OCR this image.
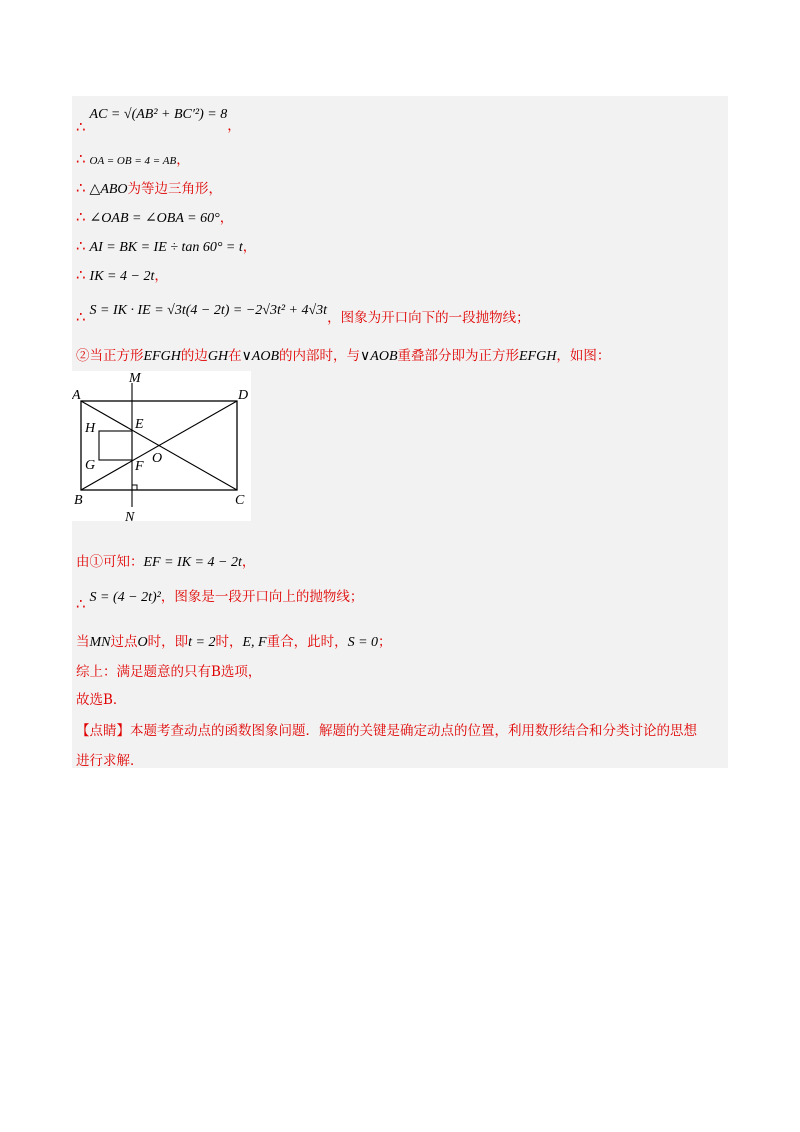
∴AC = √(AB² + BC′²) = 8，
∴ OA = OB = 4 = AB，
∴ △ABO为等边三角形，
∴ ∠OAB = ∠OBA = 60°，
∴ AI = BK = IE ÷ tan 60° = t，
∴ IK = 4 − 2t，
∴ S = IK · IE = √3t(4 − 2t) = −2√3t² + 4√3t，图象为开口向下的一段抛物线；
②当正方形EFGH的边GH在∨AOB的内部时，与∨AOB重叠部分即为正方形EFGH，如图：
A	D
M
H	E
G	F
O
B	C
N
由①可知：EF = IK = 4 − 2t，
∴ S = (4 − 2t)²，图象是一段开口向上的抛物线；
当MN过点O时，即t = 2时，E, F重合，此时，S = 0；
综上：满足题意的只有B选项，
故选B．
【点睛】本题考查动点的函数图象问题．解题的关键是确定动点的位置，利用数形结合和分类讨论的思想
进行求解．
